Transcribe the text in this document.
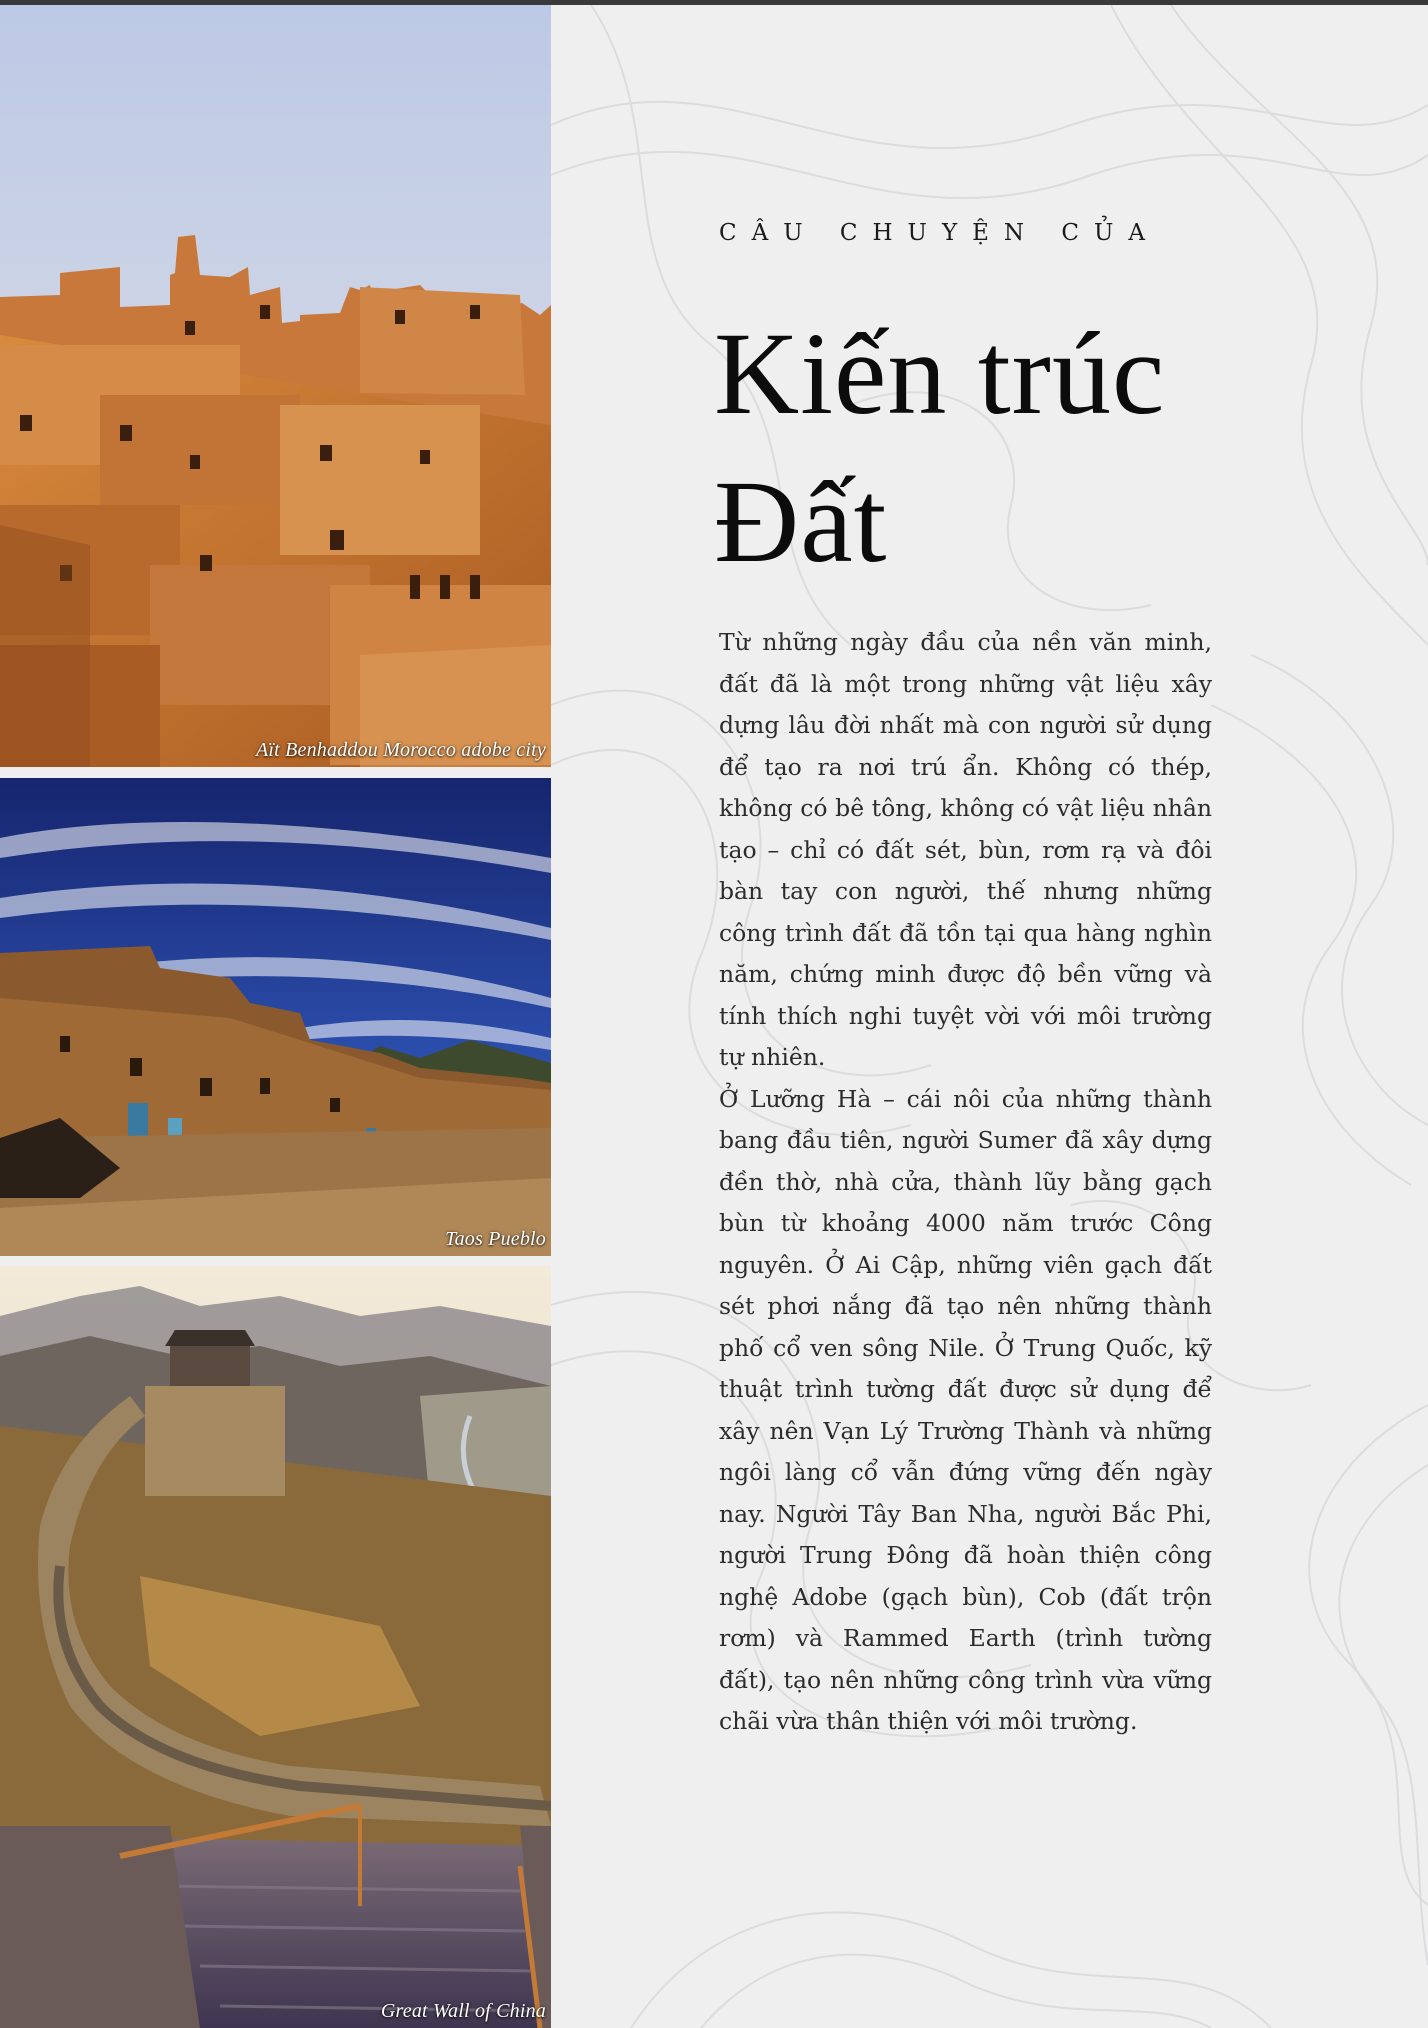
Aït Benhaddou Morocco adobe city
Taos Pueblo
Great Wall of China
CÂU CHUYỆN CỦA
Kiến trúc
Đất

Từ những ngày đầu của nền văn minh, đất đã là một trong những vật liệu xây dựng lâu đời nhất mà con người sử dụng để tạo ra nơi trú ẩn. Không có thép, không có bê tông, không có vật liệu nhân tạo – chỉ có đất sét, bùn, rơm rạ và đôi bàn tay con người, thế nhưng những công trình đất đã tồn tại qua hàng nghìn năm, chứng minh được độ bền vững và tính thích nghi tuyệt vời với môi trường tự nhiên.

Ở Lưỡng Hà – cái nôi của những thành bang đầu tiên, người Sumer đã xây dựng đền thờ, nhà cửa, thành lũy bằng gạch bùn từ khoảng 4000 năm trước Công nguyên. Ở Ai Cập, những viên gạch đất sét phơi nắng đã tạo nên những thành phố cổ ven sông Nile. Ở Trung Quốc, kỹ thuật trình tường đất được sử dụng để xây nên Vạn Lý Trường Thành và những ngôi làng cổ vẫn đứng vững đến ngày nay. Người Tây Ban Nha, người Bắc Phi, người Trung Đông đã hoàn thiện công nghệ Adobe (gạch bùn), Cob (đất trộn rơm) và Rammed Earth (trình tường đất), tạo nên những công trình vừa vững chãi vừa thân thiện với môi trường.
